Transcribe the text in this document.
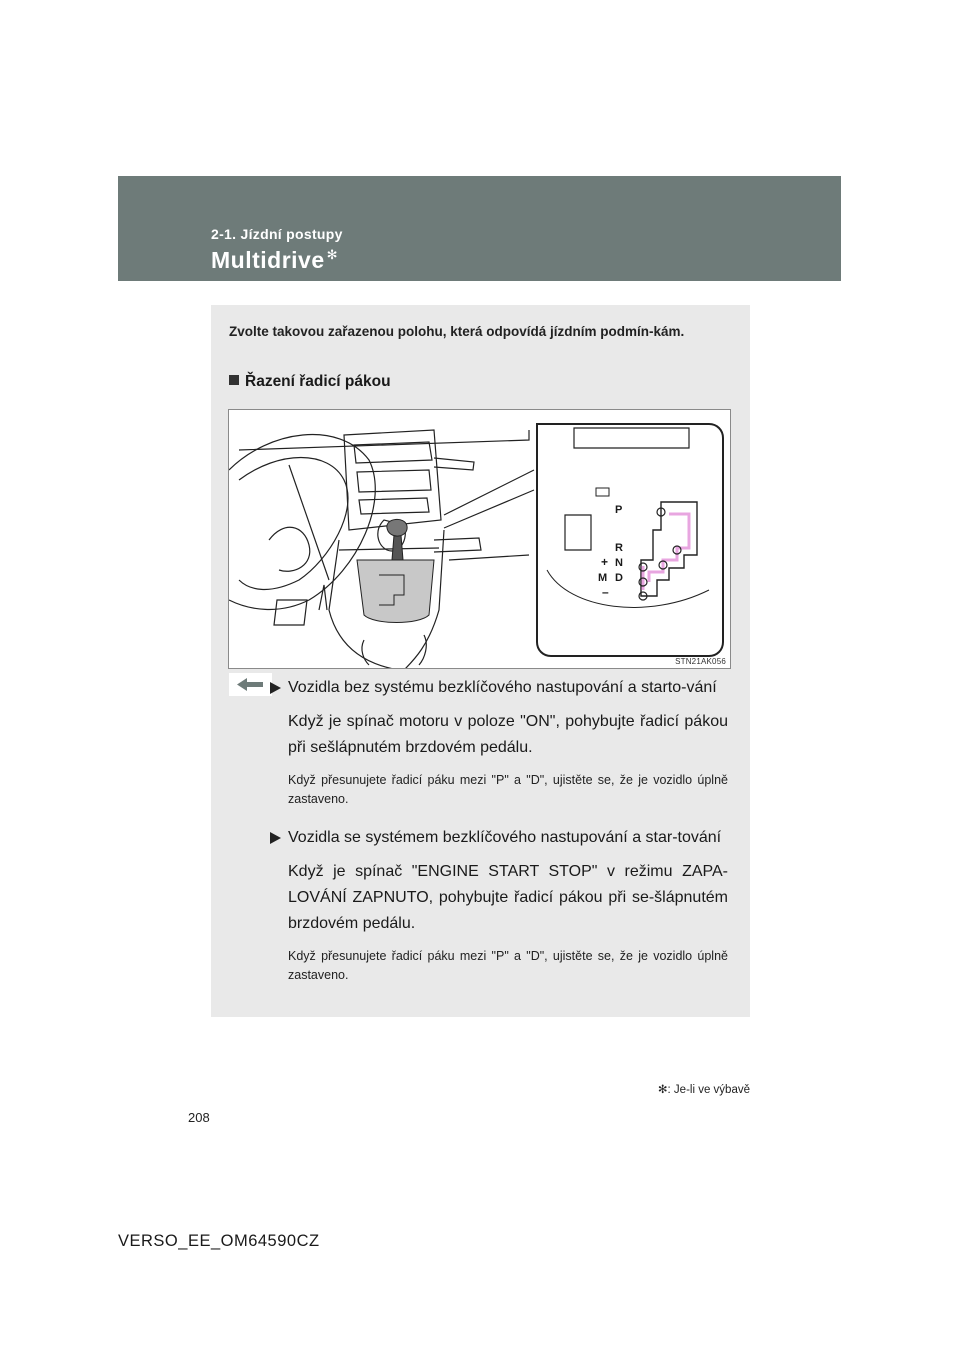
2-1. Jízdní postupy
Multidrive ✻
Zvolte takovou zařazenou polohu, která odpovídá jízdním podmín-kám.
Řazení řadicí pákou
P
R
+ N
M D
–
STN21AK056
Vozidla bez systému bezklíčového nastupování a starto-vání
Když je spínač motoru v poloze "ON", pohybujte řadicí pákou při sešlápnutém brzdovém pedálu.
Když přesunujete řadicí páku mezi "P" a "D", ujistěte se, že je vozidlo úplně zastaveno.
Vozidla se systémem bezklíčového nastupování a star-tování
Když je spínač "ENGINE START STOP" v režimu ZAPA-LOVÁNÍ ZAPNUTO, pohybujte řadicí pákou při se-šlápnutém brzdovém pedálu.
Když přesunujete řadicí páku mezi "P" a "D", ujistěte se, že je vozidlo úplně zastaveno.
✻: Je-li ve výbavě
208
VERSO_EE_OM64590CZ
